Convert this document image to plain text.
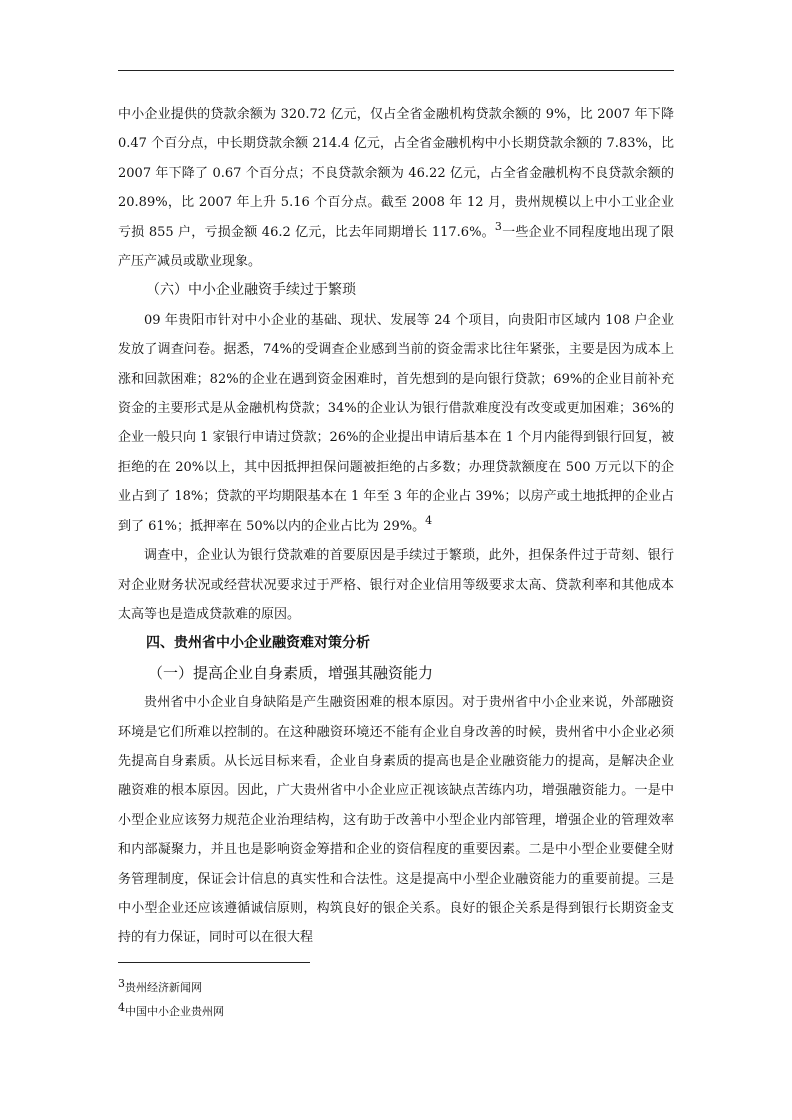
中小企业提供的贷款余额为 320.72 亿元，仅占全省金融机构贷款余额的 9%，比 2007 年下降 0.47 个百分点，中长期贷款余额 214.4 亿元，占全省金融机构中小长期贷款余额的 7.83%，比 2007 年下降了 0.67 个百分点；不良贷款余额为 46.22 亿元，占全省金融机构不良贷款余额的 20.89%，比 2007 年上升 5.16 个百分点。截至 2008 年 12 月，贵州规模以上中小工业企业亏损 855 户，亏损金额 46.2 亿元，比去年同期增长 117.6%。$^3$一些企业不同程度地出现了限产压产减员或歇业现象。

（六）中小企业融资手续过于繁琐

09 年贵阳市针对中小企业的基础、现状、发展等 24 个项目，向贵阳市区域内 108 户企业发放了调查问卷。据悉，74%的受调查企业感到当前的资金需求比往年紧张，主要是因为成本上涨和回款困难；82%的企业在遇到资金困难时，首先想到的是向银行贷款；69%的企业目前补充资金的主要形式是从金融机构贷款；34%的企业认为银行借款难度没有改变或更加困难；36%的企业一般只向 1 家银行申请过贷款；26%的企业提出申请后基本在 1 个月内能得到银行回复，被拒绝的在 20%以上，其中因抵押担保问题被拒绝的占多数；办理贷款额度在 500 万元以下的企业占到了 18%；贷款的平均期限基本在 1 年至 3 年的企业占 39%；以房产或土地抵押的企业占到了 61%；抵押率在 50%以内的企业占比为 29%。$^4$

调查中，企业认为银行贷款难的首要原因是手续过于繁琐，此外，担保条件过于苛刻、银行对企业财务状况或经营状况要求过于严格、银行对企业信用等级要求太高、贷款利率和其他成本太高等也是造成贷款难的原因。

四、贵州省中小企业融资难对策分析

（一）提高企业自身素质，增强其融资能力

贵州省中小企业自身缺陷是产生融资困难的根本原因。对于贵州省中小企业来说，外部融资环境是它们所难以控制的。在这种融资环境还不能有企业自身改善的时候，贵州省中小企业必须先提高自身素质。从长远目标来看，企业自身素质的提高也是企业融资能力的提高，是解决企业融资难的根本原因。因此，广大贵州省中小企业应正视该缺点苦练内功，增强融资能力。一是中小型企业应该努力规范企业治理结构，这有助于改善中小型企业内部管理，增强企业的管理效率和内部凝聚力，并且也是影响资金筹措和企业的资信程度的重要因素。二是中小型企业要健全财务管理制度，保证会计信息的真实性和合法性。这是提高中小型企业融资能力的重要前提。三是中小型企业还应该遵循诚信原则，构筑良好的银企关系。良好的银企关系是得到银行长期资金支持的有力保证，同时可以在很大程

$^3$贵州经济新闻网
$^4$中国中小企业贵州网
